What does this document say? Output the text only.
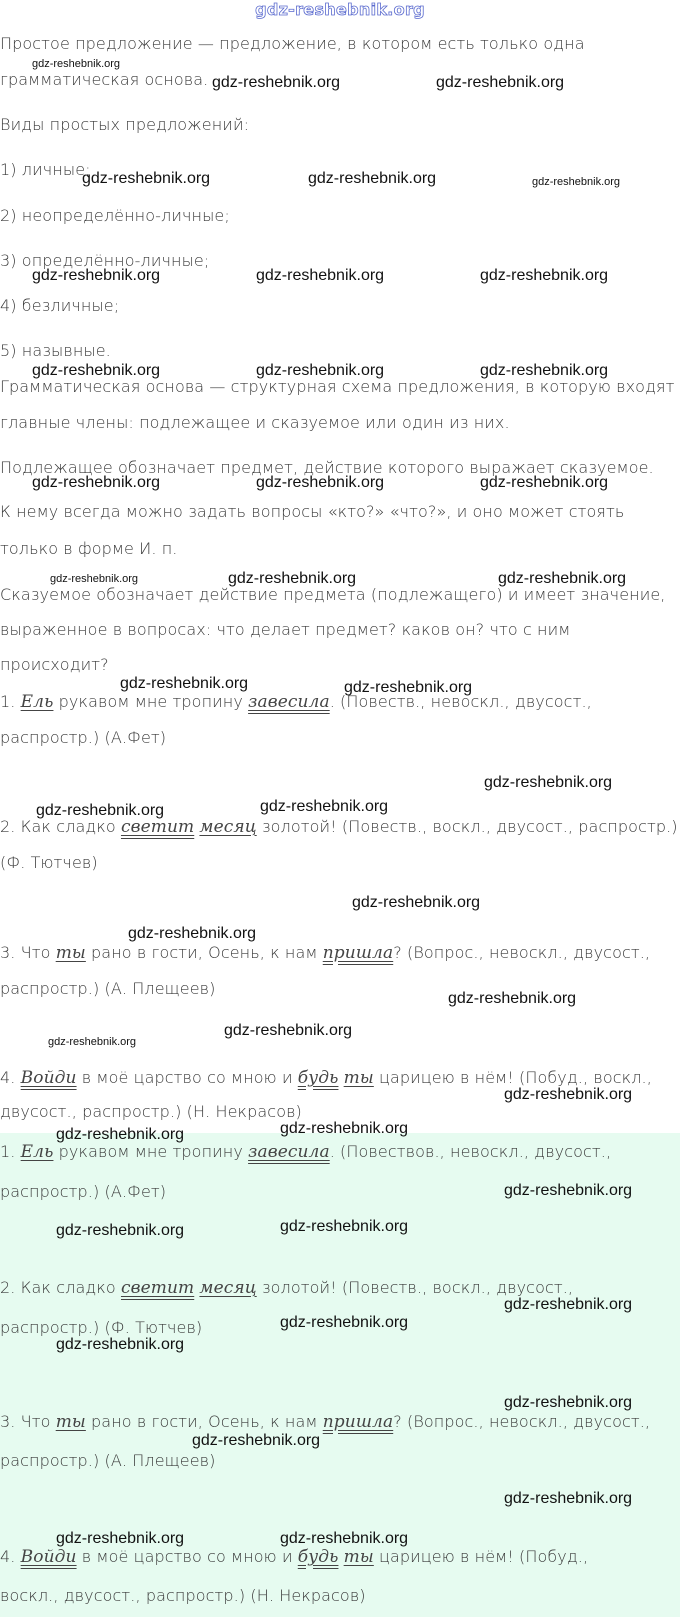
gdz-reshebnik.org
Простое предложение — предложение, в котором есть только одна
грамматическая основа.
Виды простых предложений:
1) личные;
2) неопределённо-личные;
3) определённо-личные;
4) безличные;
5) назывные.
Грамматическая основа — структурная схема предложения, в которую входят
главные члены: подлежащее и сказуемое или один из них.
Подлежащее обозначает предмет, действие которого выражает сказуемое.
К нему всегда можно задать вопросы «кто?» «что?», и оно может стоять
только в форме И. п.
Сказуемое обозначает действие предмета (подлежащего) и имеет значение,
выраженное в вопросах: что делает предмет? каков он? что с ним
происходит?
1. Ель рукавом мне тропину завесила. (Повеств., невоскл., двусост.,
распростр.) (А.Фет)
2. Как сладко светит месяц золотой! (Повеств., воскл., двусост., распростр.)
(Ф. Тютчев)
3. Что ты рано в гости, Осень, к нам пришла? (Вопрос., невоскл., двусост.,
распростр.) (А. Плещеев)
4. Войди в моё царство со мною и будь ты царицею в нём! (Побуд., воскл.,
двусост., распростр.) (Н. Некрасов)
1. Ель рукавом мне тропину завесила. (Повествов., невоскл., двусост.,
распростр.) (А.Фет)
2. Как сладко светит месяц золотой! (Повеств., воскл., двусост.,
распростр.) (Ф. Тютчев)
3. Что ты рано в гости, Осень, к нам пришла? (Вопрос., невоскл., двусост.,
распростр.) (А. Плещеев)
4. Войди в моё царство со мною и будь ты царицею в нём! (Побуд.,
воскл., двусост., распростр.) (Н. Некрасов)
gdz-reshebnik.org
gdz-reshebnik.org	gdz-reshebnik.org
gdz-reshebnik.org	gdz-reshebnik.org	gdz-reshebnik.org
gdz-reshebnik.org	gdz-reshebnik.org	gdz-reshebnik.org
gdz-reshebnik.org	gdz-reshebnik.org	gdz-reshebnik.org
gdz-reshebnik.org	gdz-reshebnik.org	gdz-reshebnik.org
gdz-reshebnik.org	gdz-reshebnik.org	gdz-reshebnik.org
gdz-reshebnik.org	gdz-reshebnik.org
gdz-reshebnik.org
gdz-reshebnik.org	gdz-reshebnik.org
gdz-reshebnik.org
gdz-reshebnik.org
gdz-reshebnik.org
gdz-reshebnik.org
gdz-reshebnik.org
gdz-reshebnik.org
gdz-reshebnik.org	gdz-reshebnik.org
gdz-reshebnik.org
gdz-reshebnik.org	gdz-reshebnik.org
gdz-reshebnik.org
gdz-reshebnik.org
gdz-reshebnik.org
gdz-reshebnik.org
gdz-reshebnik.org
gdz-reshebnik.org
gdz-reshebnik.org	gdz-reshebnik.org
